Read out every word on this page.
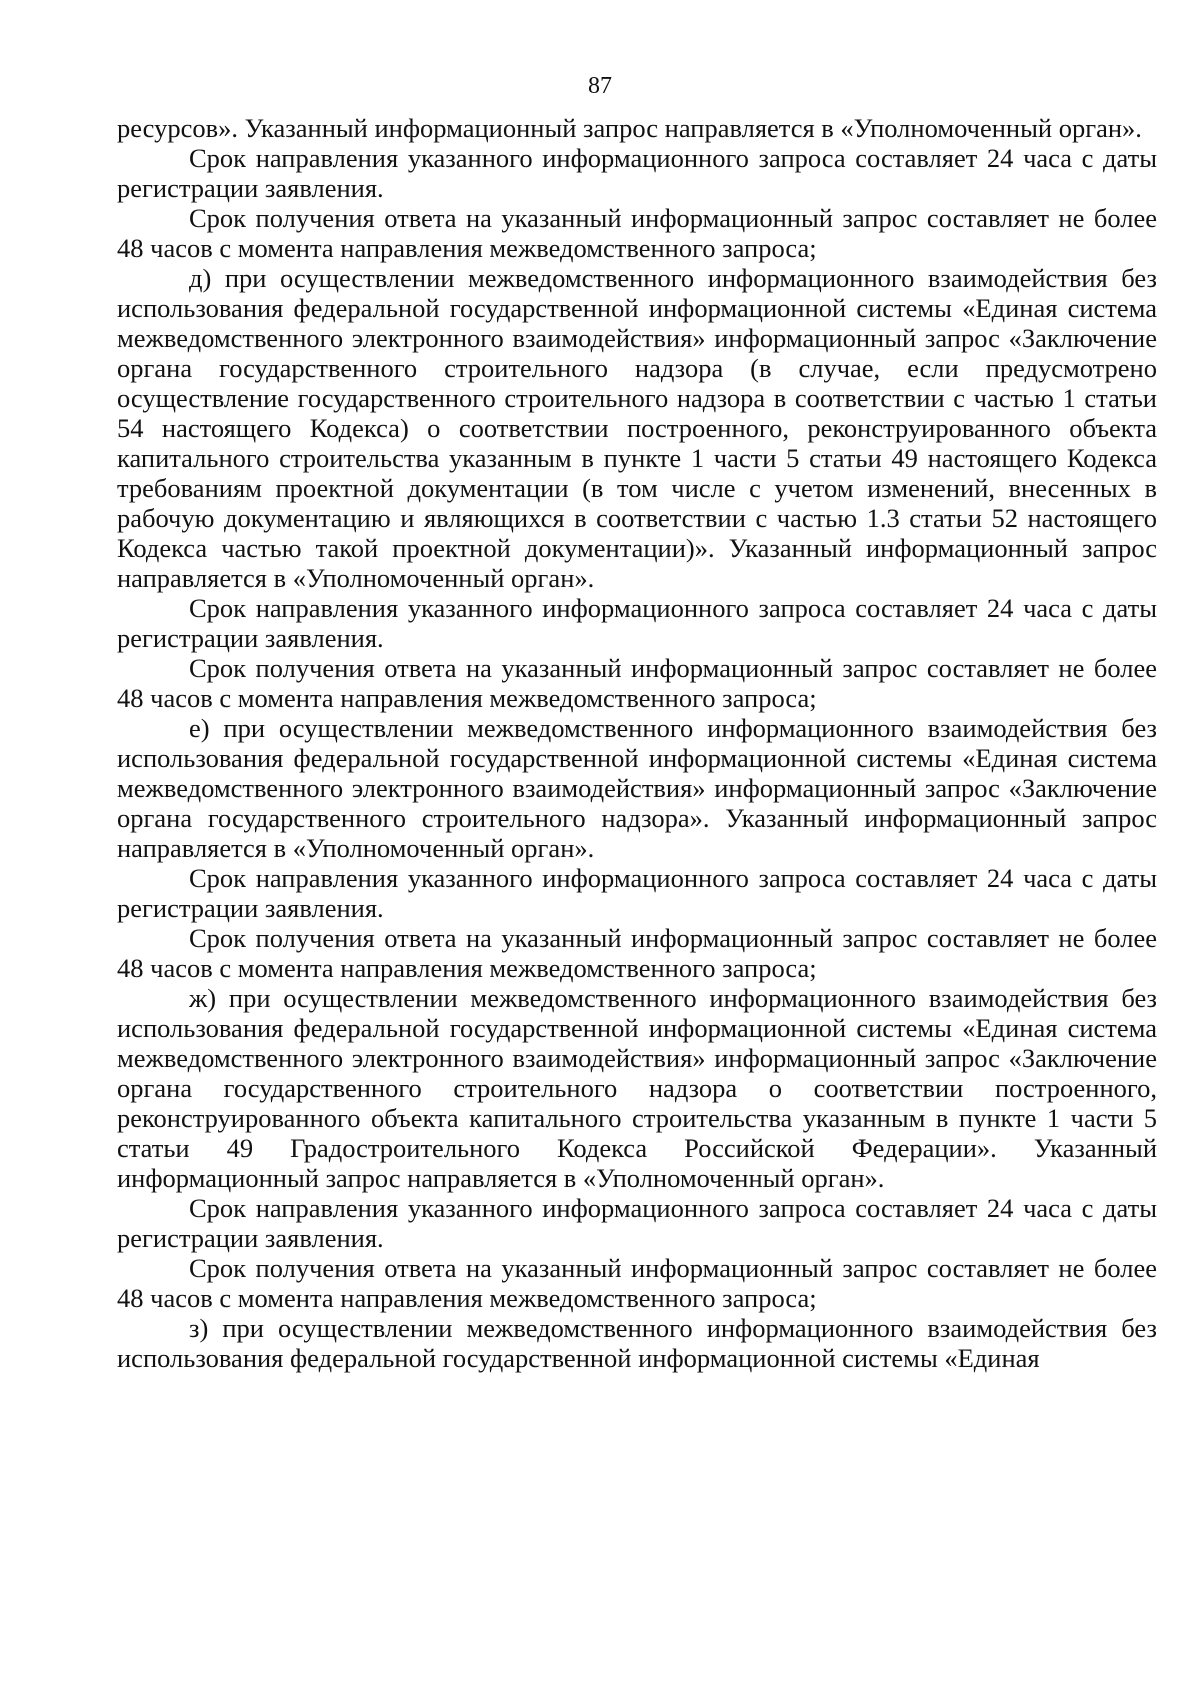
87

ресурсов». Указанный информационный запрос направляется в «Уполномоченный орган».

Срок направления указанного информационного запроса составляет 24 часа с даты регистрации заявления.

Срок получения ответа на указанный информационный запрос составляет не более 48 часов с момента направления межведомственного запроса;

д) при осуществлении межведомственного информационного взаимодействия без использования федеральной государственной информационной системы «Единая система межведомственного электронного взаимодействия» информационный запрос «Заключение органа государственного строительного надзора (в случае, если предусмотрено осуществление государственного строительного надзора в соответствии с частью 1 статьи 54 настоящего Кодекса) о соответствии построенного, реконструированного объекта капитального строительства указанным в пункте 1 части 5 статьи 49 настоящего Кодекса требованиям проектной документации (в том числе с учетом изменений, внесенных в рабочую документацию и являющихся в соответствии с частью 1.3 статьи 52 настоящего Кодекса частью такой проектной документации)». Указанный информационный запрос направляется в «Уполномоченный орган».

Срок направления указанного информационного запроса составляет 24 часа с даты регистрации заявления.

Срок получения ответа на указанный информационный запрос составляет не более 48 часов с момента направления межведомственного запроса;

е) при осуществлении межведомственного информационного взаимодействия без использования федеральной государственной информационной системы «Единая система межведомственного электронного взаимодействия» информационный запрос «Заключение органа государственного строительного надзора». Указанный информационный запрос направляется в «Уполномоченный орган».

Срок направления указанного информационного запроса составляет 24 часа с даты регистрации заявления.

Срок получения ответа на указанный информационный запрос составляет не более 48 часов с момента направления межведомственного запроса;

ж) при осуществлении межведомственного информационного взаимодействия без использования федеральной государственной информационной системы «Единая система межведомственного электронного взаимодействия» информационный запрос «Заключение органа государственного строительного надзора о соответствии построенного, реконструированного объекта капитального строительства указанным в пункте 1 части 5 статьи 49 Градостроительного Кодекса Российской Федерации». Указанный информационный запрос направляется в «Уполномоченный орган».

Срок направления указанного информационного запроса составляет 24 часа с даты регистрации заявления.

Срок получения ответа на указанный информационный запрос составляет не более 48 часов с момента направления межведомственного запроса;

з) при осуществлении межведомственного информационного взаимодействия без использования федеральной государственной информационной системы «Единая
